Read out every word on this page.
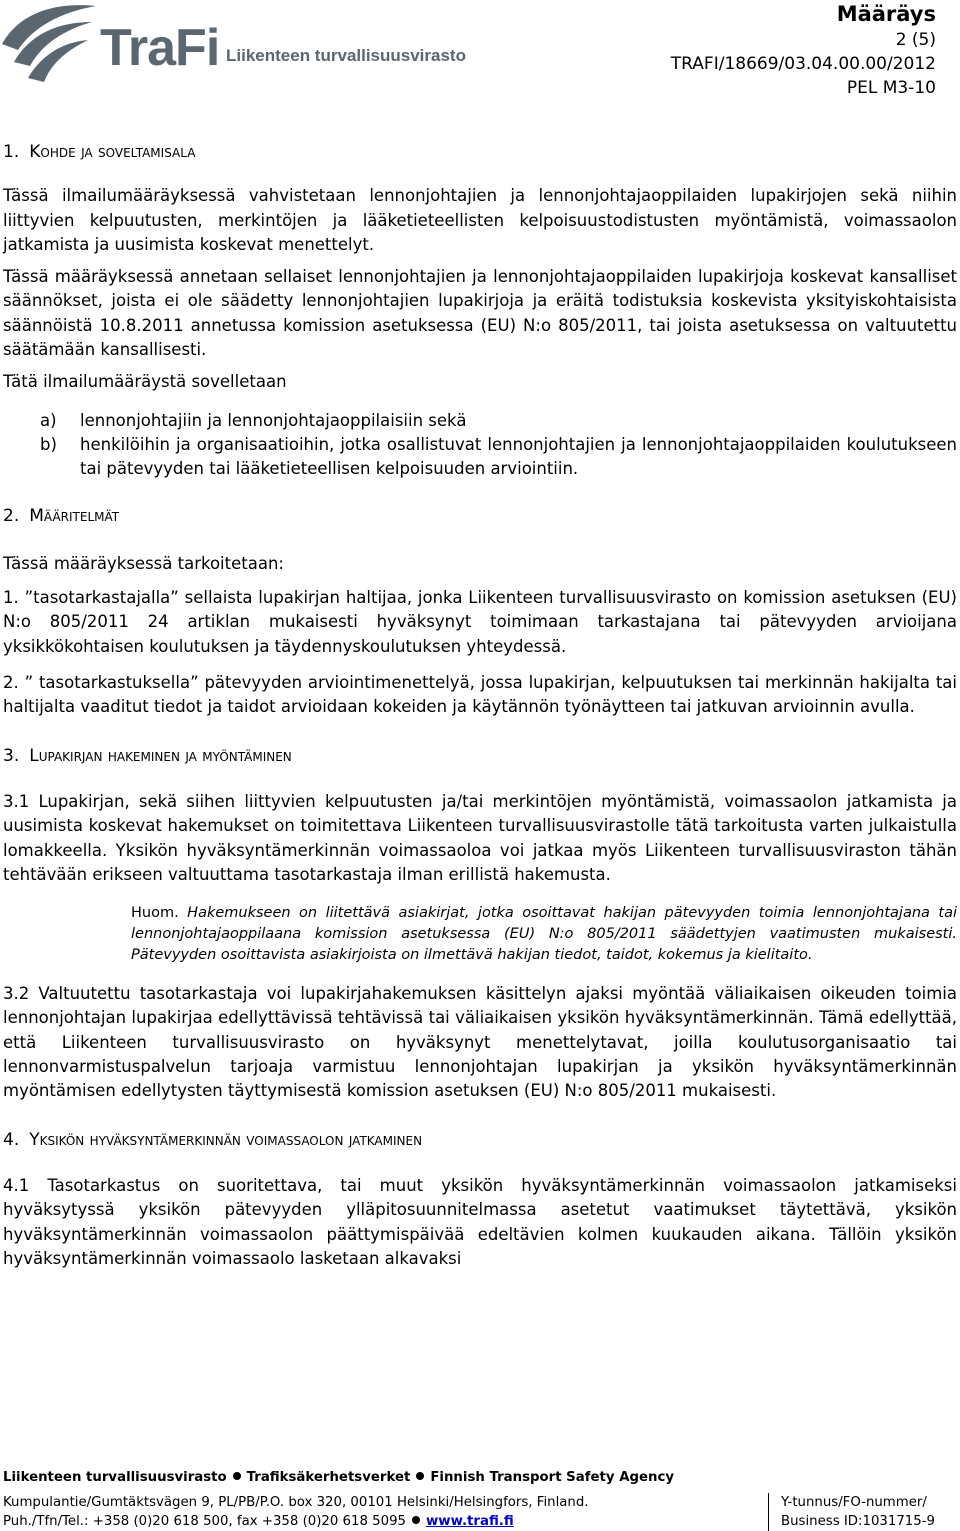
TraFi Liikenteen turvallisuusvirasto
Määräys
2 (5)
TRAFI/18669/03.04.00.00/2012
PEL M3-10
1. Kohde ja soveltamisala

Tässä ilmailumääräyksessä vahvistetaan lennonjohtajien ja lennonjohtajaoppilaiden lupakirjojen sekä niihin liittyvien kelpuutusten, merkintöjen ja lääketieteellisten kelpoisuustodistusten myöntämistä, voimassaolon jatkamista ja uusimista koskevat menettelyt.

Tässä määräyksessä annetaan sellaiset lennonjohtajien ja lennonjohtajaoppilaiden lupakirjoja koskevat kansalliset säännökset, joista ei ole säädetty lennonjohtajien lupakirjoja ja eräitä todistuksia koskevista yksityiskohtaisista säännöistä 10.8.2011 annetussa komission asetuksessa (EU) N:o 805/2011, tai joista asetuksessa on valtuutettu säätämään kansallisesti.

Tätä ilmailumääräystä sovelletaan

a) lennonjohtajiin ja lennonjohtajaoppilaisiin sekä
b) henkilöihin ja organisaatioihin, jotka osallistuvat lennonjohtajien ja lennonjohtajaoppilaiden koulutukseen tai pätevyyden tai lääketieteellisen kelpoisuuden arviointiin.
2. Määritelmät

Tässä määräyksessä tarkoitetaan:

1. ”tasotarkastajalla” sellaista lupakirjan haltijaa, jonka Liikenteen turvallisuusvirasto on komission asetuksen (EU) N:o 805/2011 24 artiklan mukaisesti hyväksynyt toimimaan tarkastajana tai pätevyyden arvioijana yksikkökohtaisen koulutuksen ja täydennyskoulutuksen yhteydessä.

2. ” tasotarkastuksella” pätevyyden arviointimenettelyä, jossa lupakirjan, kelpuutuksen tai merkinnän hakijalta tai haltijalta vaaditut tiedot ja taidot arvioidaan kokeiden ja käytännön työnäytteen tai jatkuvan arvioinnin avulla.

3. Lupakirjan hakeminen ja myöntäminen

3.1 Lupakirjan, sekä siihen liittyvien kelpuutusten ja/tai merkintöjen myöntämistä, voimassaolon jatkamista ja uusimista koskevat hakemukset on toimitettava Liikenteen turvallisuusvirastolle tätä tarkoitusta varten julkaistulla lomakkeella. Yksikön hyväksyntämerkinnän voimassaoloa voi jatkaa myös Liikenteen turvallisuusviraston tähän tehtävään erikseen valtuuttama tasotarkastaja ilman erillistä hakemusta.

Huom. Hakemukseen on liitettävä asiakirjat, jotka osoittavat hakijan pätevyyden toimia lennonjohtajana tai lennonjohtajaoppilaana komission asetuksessa (EU) N:o 805/2011 säädettyjen vaatimusten mukaisesti. Pätevyyden osoittavista asiakirjoista on ilmettävä hakijan tiedot, taidot, kokemus ja kielitaito.

3.2 Valtuutettu tasotarkastaja voi lupakirjahakemuksen käsittelyn ajaksi myöntää väliaikaisen oikeuden toimia lennonjohtajan lupakirjaa edellyttävissä tehtävissä tai väliaikaisen yksikön hyväksyntämerkinnän. Tämä edellyttää, että Liikenteen turvallisuusvirasto on hyväksynyt menettelytavat, joilla koulutusorganisaatio tai lennonvarmistuspalvelun tarjoaja varmistuu lennonjohtajan lupakirjan ja yksikön hyväksyntämerkinnän myöntämisen edellytysten täyttymisestä komission asetuksen (EU) N:o 805/2011 mukaisesti.

4. Yksikön hyväksyntämerkinnän voimassaolon jatkaminen

4.1 Tasotarkastus on suoritettava, tai muut yksikön hyväksyntämerkinnän voimassaolon jatkamiseksi hyväksytyssä yksikön pätevyyden ylläpitosuunnitelmassa asetetut vaatimukset täytettävä, yksikön hyväksyntämerkinnän voimassaolon päättymispäivää edeltävien kolmen kuukauden aikana. Tällöin yksikön hyväksyntämerkinnän voimassaolo lasketaan alkavaksi

Liikenteen turvallisuusvirasto Trafiksäkerhetsverket Finnish Transport Safety Agency
Kumpulantie/Gumtäktsvägen 9, PL/PB/P.O. box 320, 00101 Helsinki/Helsingfors, Finland.	Y-tunnus/FO-nummer/
Puh./Tfn/Tel.: +358 (0)20 618 500, fax +358 (0)20 618 5095 www.trafi.fi	Business ID:1031715-9
